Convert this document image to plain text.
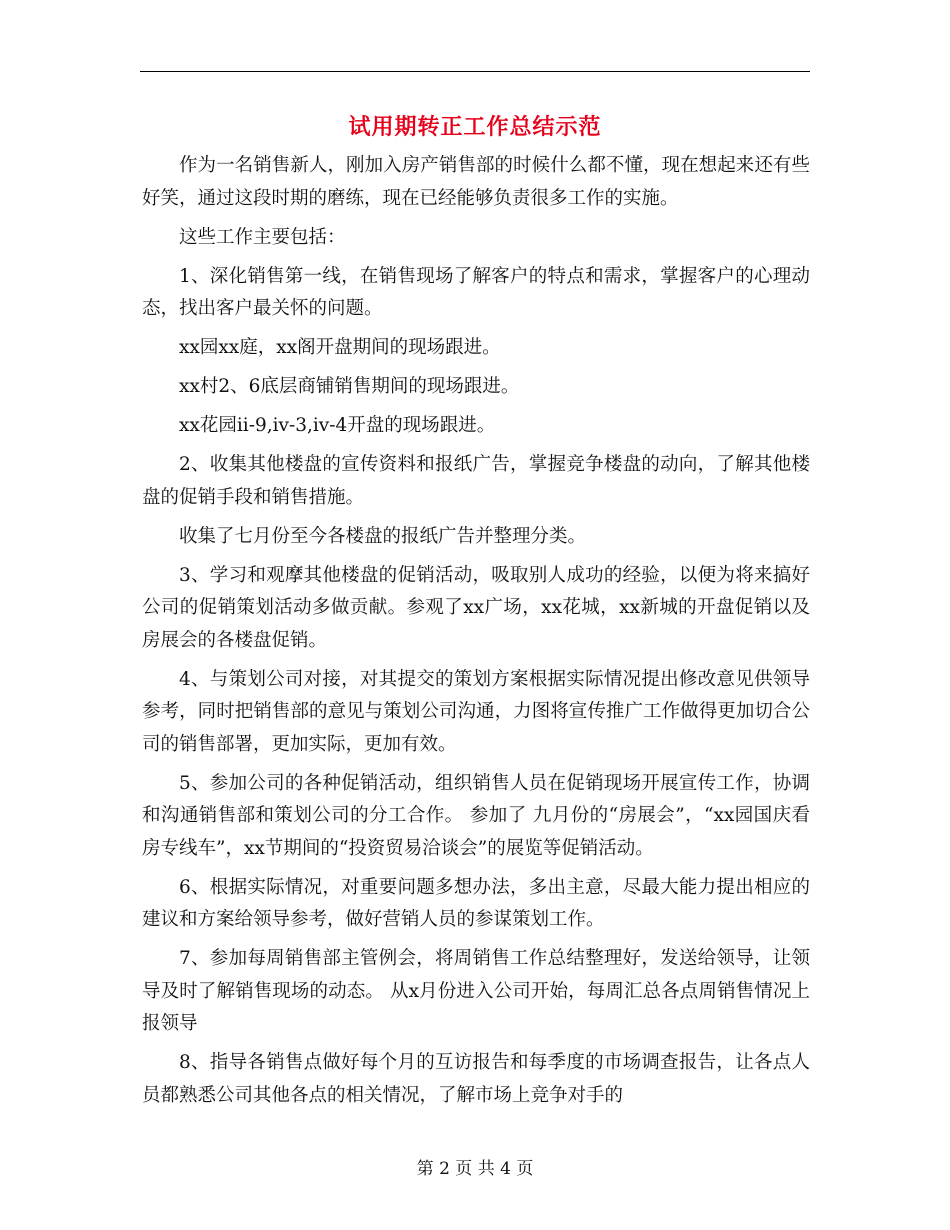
试用期转正工作总结示范

作为一名销售新人，刚加入房产销售部的时候什么都不懂，现在想起来还有些好笑，通过这段时期的磨练，现在已经能够负责很多工作的实施。

这些工作主要包括：

1、深化销售第一线，在销售现场了解客户的特点和需求，掌握客户的心理动态，找出客户最关怀的问题。

xx园xx庭，xx阁开盘期间的现场跟进。

xx村2、6底层商铺销售期间的现场跟进。

xx花园ii-9,iv-3,iv-4开盘的现场跟进。

2、收集其他楼盘的宣传资料和报纸广告，掌握竞争楼盘的动向，了解其他楼盘的促销手段和销售措施。

收集了七月份至今各楼盘的报纸广告并整理分类。

3、学习和观摩其他楼盘的促销活动，吸取别人成功的经验，以便为将来搞好公司的促销策划活动多做贡献。参观了xx广场，xx花城，xx新城的开盘促销以及房展会的各楼盘促销。

4、与策划公司对接，对其提交的策划方案根据实际情况提出修改意见供领导参考，同时把销售部的意见与策划公司沟通，力图将宣传推广工作做得更加切合公司的销售部署，更加实际，更加有效。

5、参加公司的各种促销活动，组织销售人员在促销现场开展宣传工作，协调和沟通销售部和策划公司的分工合作。 参加了 九月份的“房展会”，“xx园国庆看房专线车”，xx节期间的“投资贸易洽谈会”的展览等促销活动。

6、根据实际情况，对重要问题多想办法，多出主意，尽最大能力提出相应的建议和方案给领导参考，做好营销人员的参谋策划工作。

7、参加每周销售部主管例会，将周销售工作总结整理好，发送给领导，让领导及时了解销售现场的动态。 从x月份进入公司开始，每周汇总各点周销售情况上报领导

8、指导各销售点做好每个月的互访报告和每季度的市场调查报告，让各点人员都熟悉公司其他各点的相关情况，了解市场上竞争对手的

第 2 页 共 4 页
